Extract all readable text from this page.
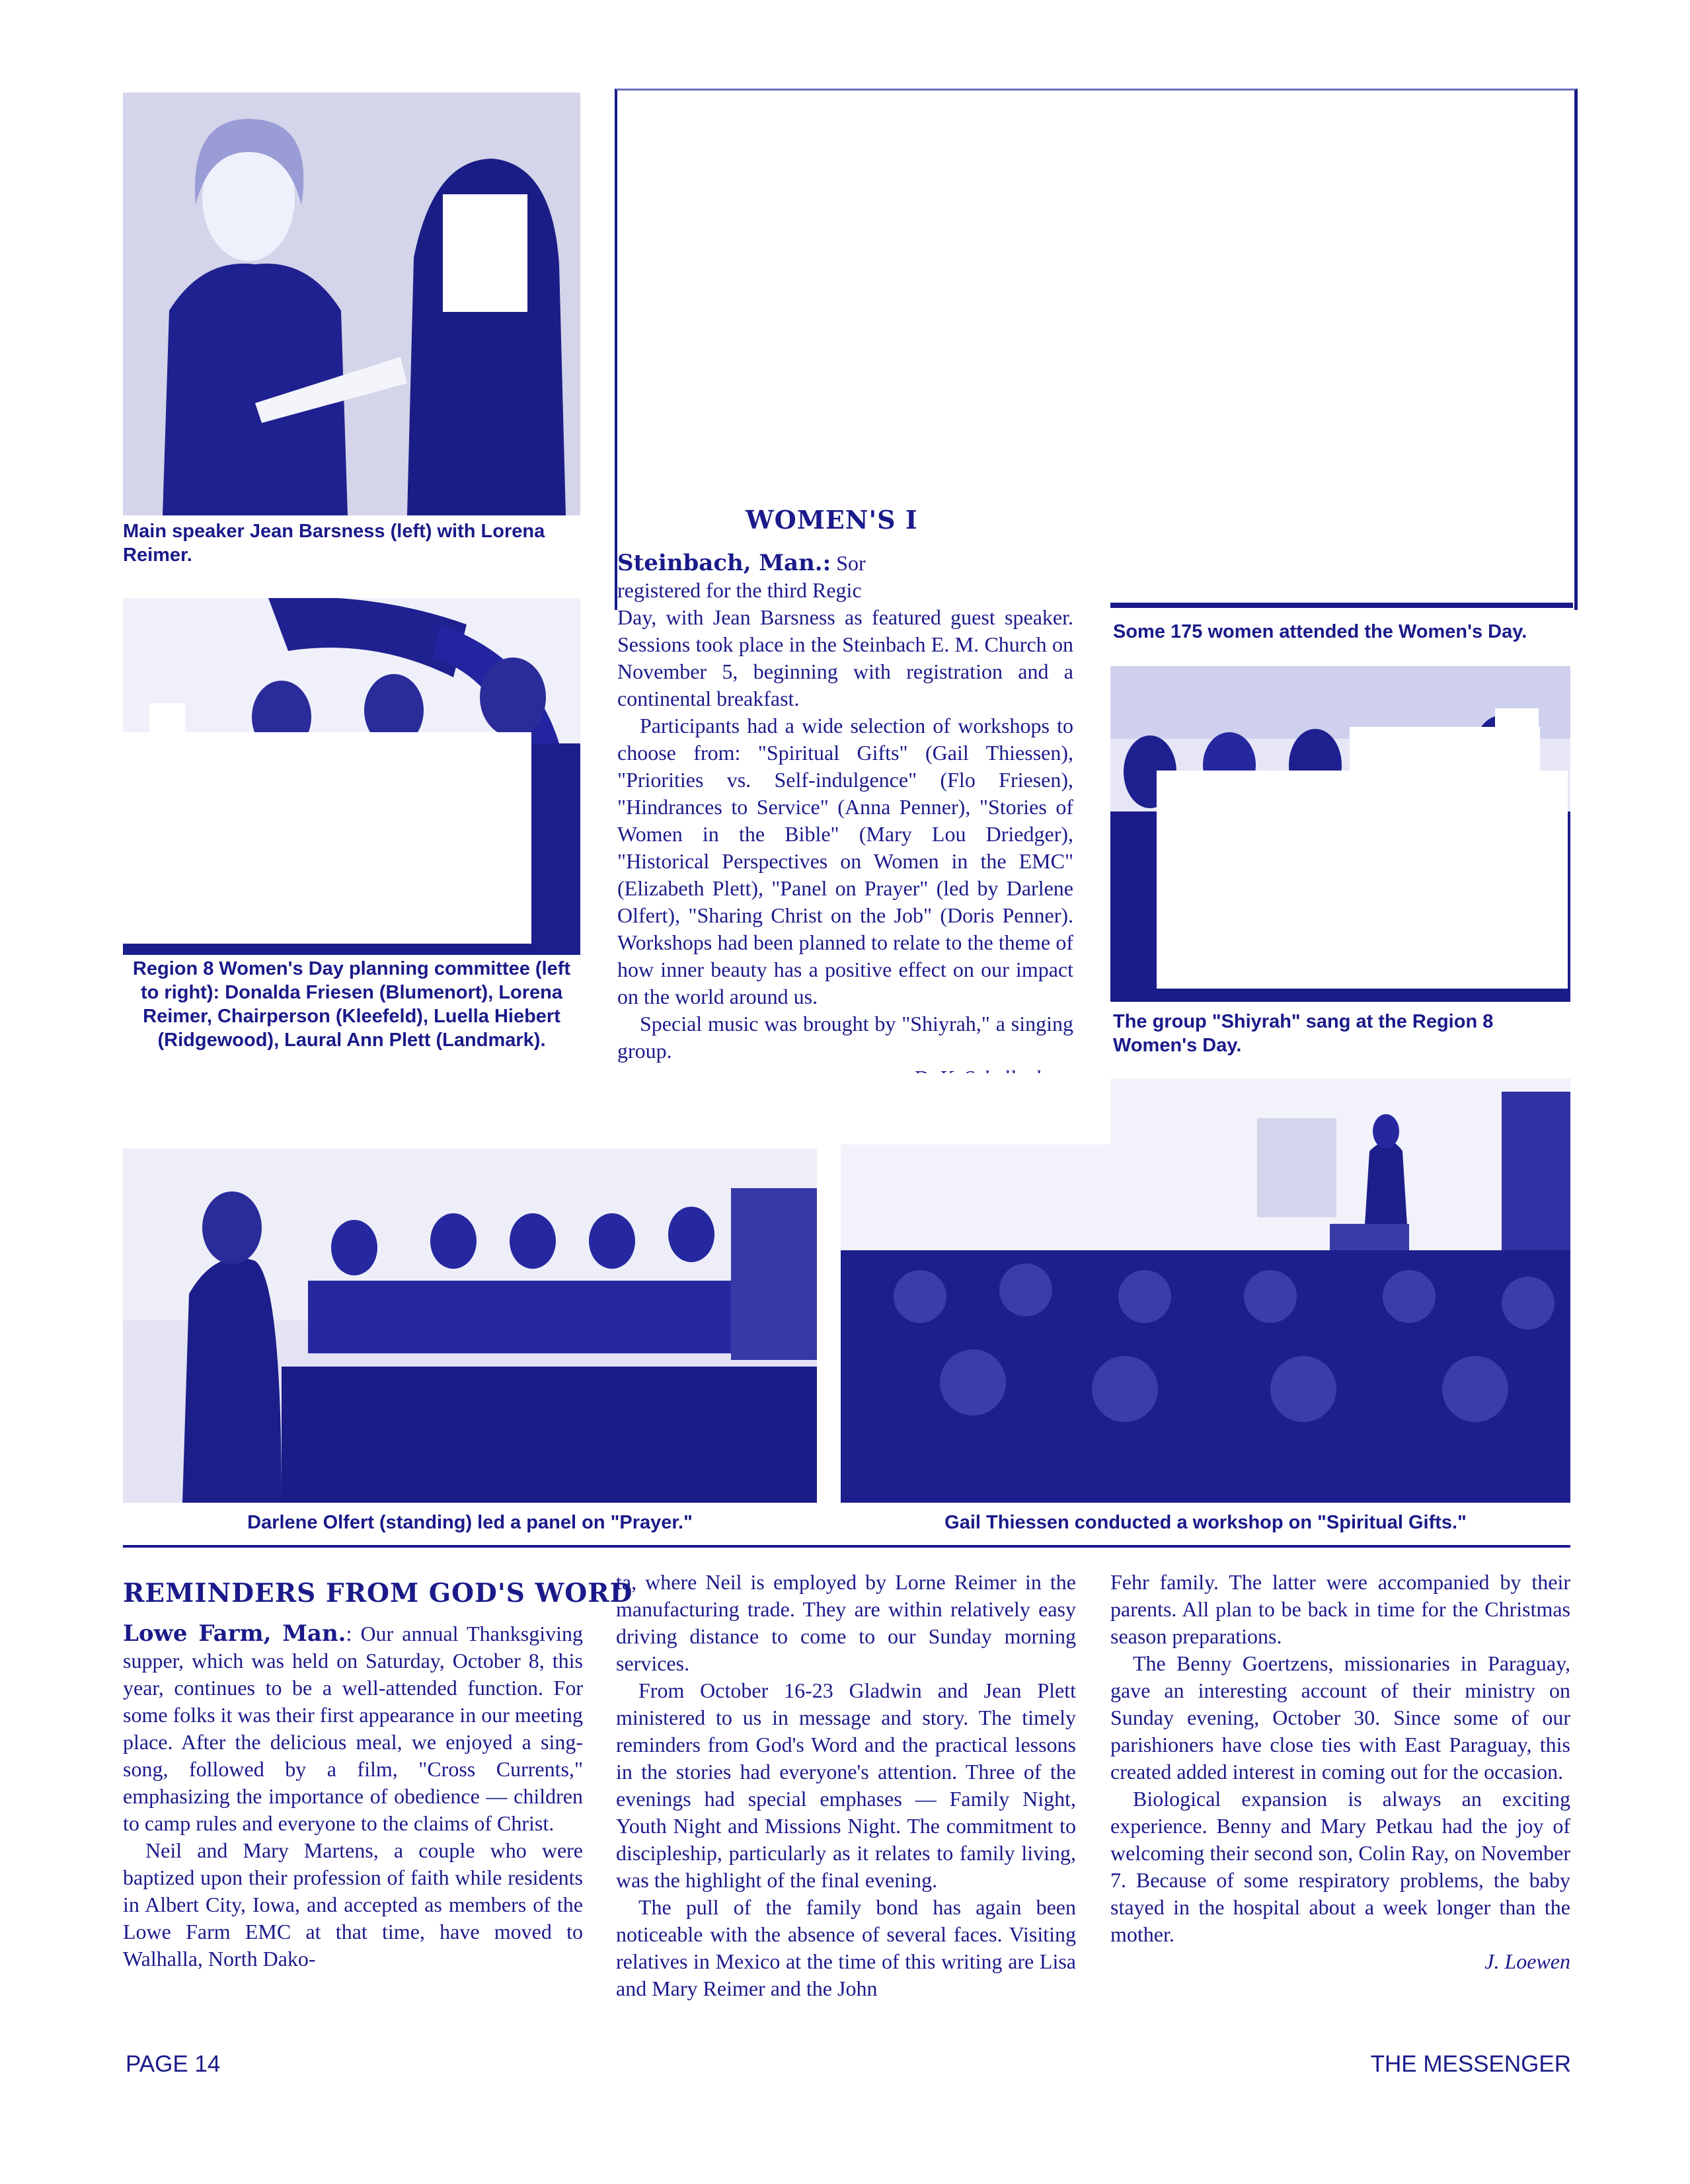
Main speaker Jean Barsness (left) with Lorena Reimer.
Some 175 women attended the Women's Day.
Region 8 Women's Day planning committee (left to right): Donalda Friesen (Blumenort), Lorena Reimer, Chairperson (Kleefeld), Luella Hiebert (Ridgewood), Laural Ann Plett (Landmark).
The group "Shiyrah" sang at the Region 8 Women's Day.
WOMEN'S I

Steinbach, Man.: Sor

registered for the third Regic

Day, with Jean Barsness as featured guest speaker. Sessions took place in the Steinbach E. M. Church on November 5, beginning with registration and a continental breakfast.

Participants had a wide selection of workshops to choose from: "Spiritual Gifts" (Gail Thiessen), "Priorities vs. Self-indulgence" (Flo Friesen), "Hindrances to Service" (Anna Penner), "Stories of Women in the Bible" (Mary Lou Driedger), "Historical Perspectives on Women in the EMC" (Elizabeth Plett), "Panel on Prayer" (led by Darlene Olfert), "Sharing Christ on the Job" (Doris Penner). Workshops had been planned to relate to the theme of how inner beauty has a positive effect on our impact on the world around us.

Special music was brought by "Shiyrah," a singing group.

Darlene Olfert (standing) led a panel on "Prayer."	Gail Thiessen conducted a workshop on "Spiritual Gifts."
REMINDERS FROM GOD'S WORD

Lowe Farm, Man.: Our annual Thanksgiving supper, which was held on Saturday, October 8, this year, continues to be a well-attended function. For some folks it was their first appearance in our meeting place. After the delicious meal, we enjoyed a sing-song, followed by a film, "Cross Currents," emphasizing the importance of obedience — children to camp rules and everyone to the claims of Christ.

Neil and Mary Martens, a couple who were baptized upon their profession of faith while residents in Albert City, Iowa, and accepted as members of the Lowe Farm EMC at that time, have moved to Walhalla, North Dako-

ta, where Neil is employed by Lorne Reimer in the manufacturing trade. They are within relatively easy driving distance to come to our Sunday morning services.

From October 16-23 Gladwin and Jean Plett ministered to us in message and story. The timely reminders from God's Word and the practical lessons in the stories had everyone's attention. Three of the evenings had special emphases — Family Night, Youth Night and Missions Night. The commitment to discipleship, particularly as it relates to family living, was the highlight of the final evening.

The pull of the family bond has again been noticeable with the absence of several faces. Visiting relatives in Mexico at the time of this writing are Lisa and Mary Reimer and the John

Fehr family. The latter were accompanied by their parents. All plan to be back in time for the Christmas season preparations.

The Benny Goertzens, missionaries in Paraguay, gave an interesting account of their ministry on Sunday evening, October 30. Since some of our parishioners have close ties with East Paraguay, this created added interest in coming out for the occasion.

Biological expansion is always an exciting experience. Benny and Mary Petkau had the joy of welcoming their second son, Colin Ray, on November 7. Because of some respiratory problems, the baby stayed in the hospital about a week longer than the mother.

J. Loewen

PAGE 14	THE MESSENGER
